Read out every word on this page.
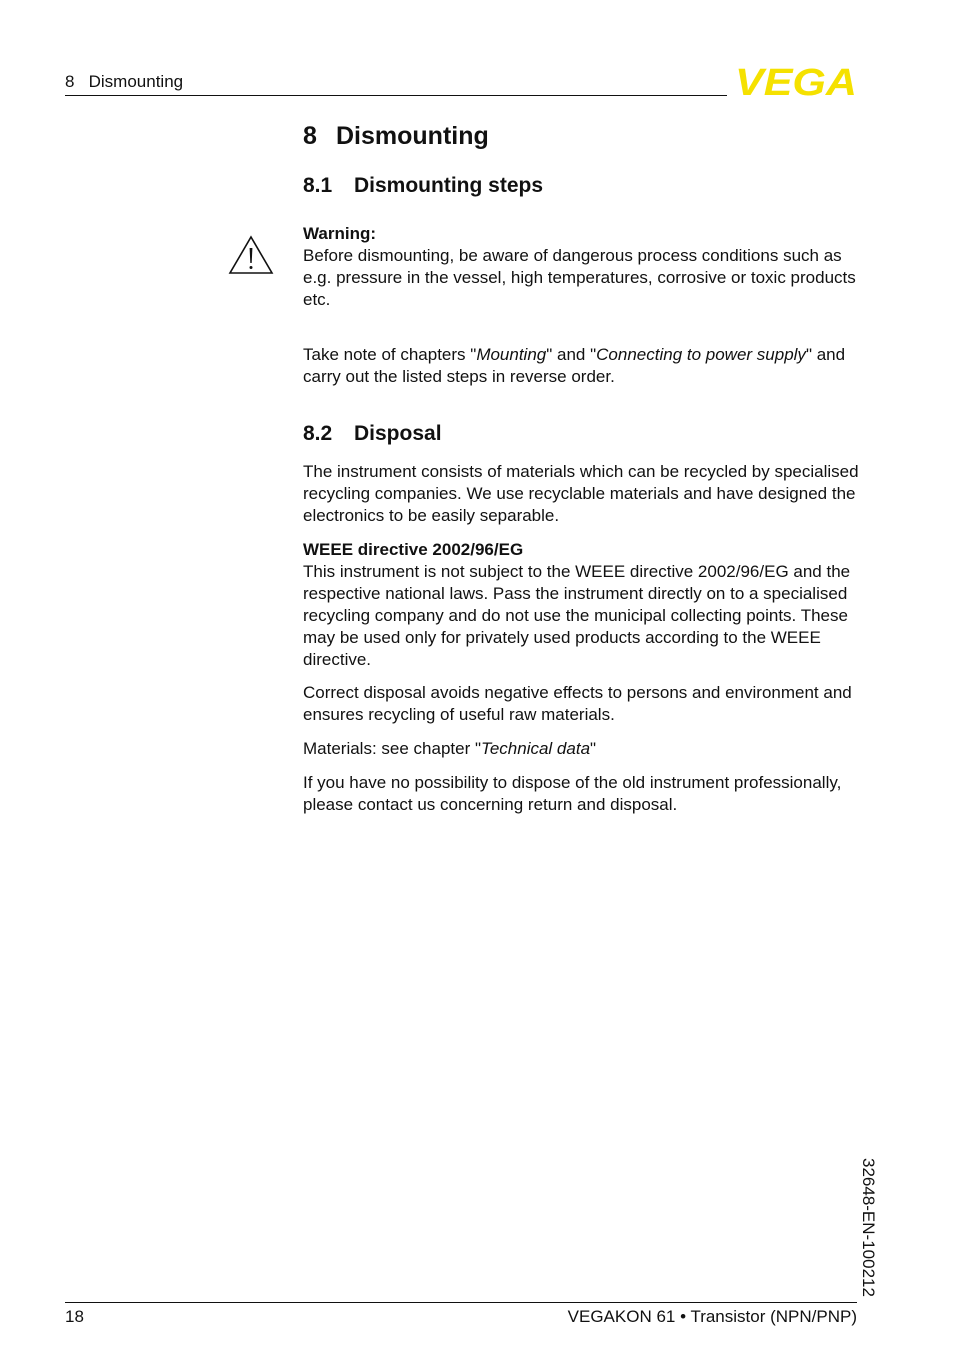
8   Dismounting	VEGA
8 Dismounting
8.1 Dismounting steps

Warning:

Before dismounting, be aware of dangerous process conditions such as e.g. pressure in the vessel, high temperatures, corrosive or toxic products etc.

Take note of chapters "Mounting" and "Connecting to power supply" and carry out the listed steps in reverse order.

8.2 Disposal

The instrument consists of materials which can be recycled by specialised recycling companies. We use recyclable materials and have designed the electronics to be easily separable.

WEEE directive 2002/96/EG

This instrument is not subject to the WEEE directive 2002/96/EG and the respective national laws. Pass the instrument directly on to a specialised recycling company and do not use the municipal collecting points. These may be used only for privately used products according to the WEEE directive.

Correct disposal avoids negative effects to persons and environment and ensures recycling of useful raw materials.

Materials: see chapter "Technical data"

If you have no possibility to dispose of the old instrument professionally, please contact us concerning return and disposal.

32648-EN-100212
18	VEGAKON 61 • Transistor (NPN/PNP)
